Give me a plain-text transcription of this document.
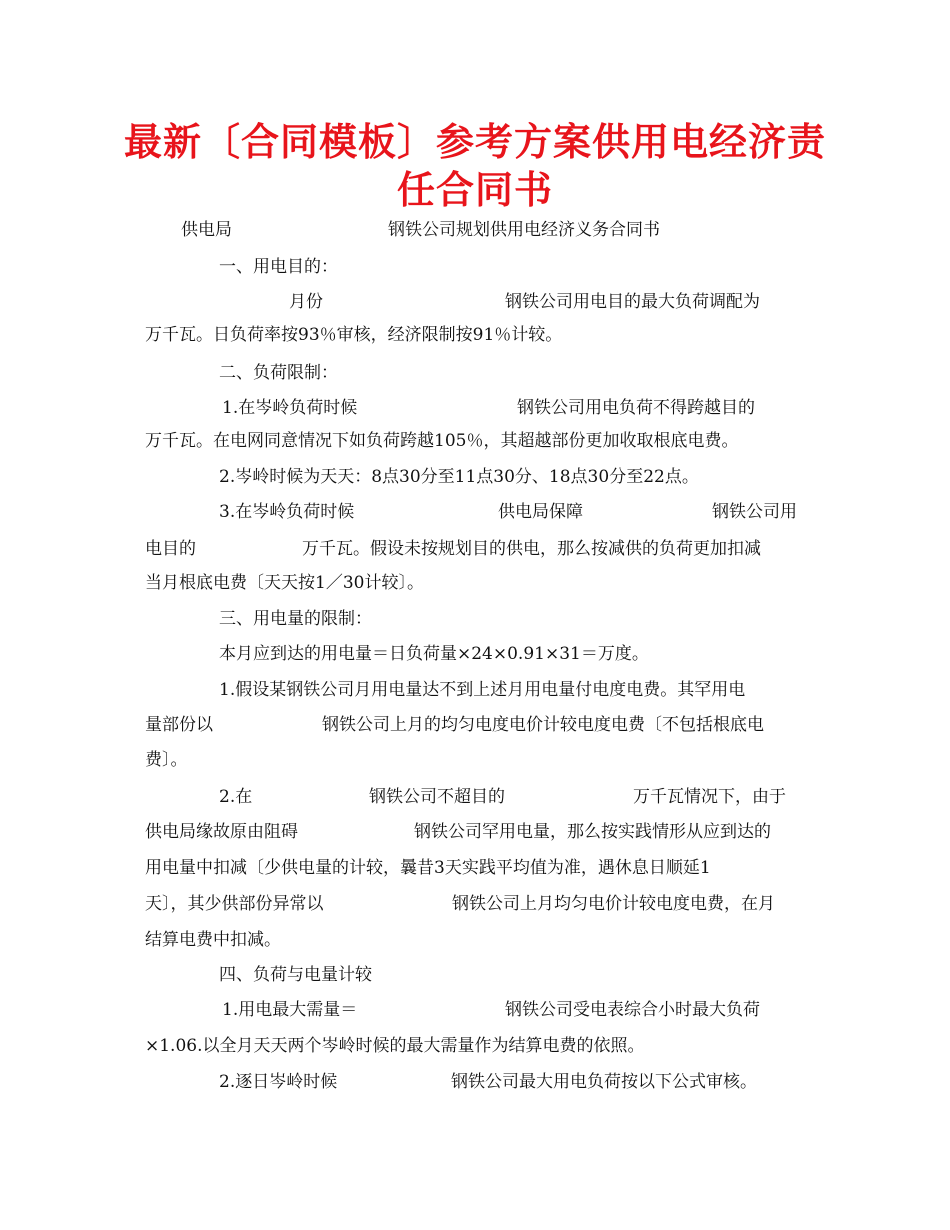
最新〔合同模板〕参考方案供用电经济责任合同书
供电局	钢铁公司规划供用电经济义务合同书
一、用电目的：
月份	钢铁公司用电目的最大负荷调配为
万千瓦。日负荷率按93％审核，经济限制按91％计较。
二、负荷限制：
1.在岑岭负荷时候	钢铁公司用电负荷不得跨越目的
万千瓦。在电网同意情况下如负荷跨越105％，其超越部份更加收取根底电费。
2.岑岭时候为天天：8点30分至11点30分、18点30分至22点。
3.在岑岭负荷时候	供电局保障	钢铁公司用
电目的	万千瓦。假设未按规划目的供电，那么按减供的负荷更加扣减
当月根底电费〔天天按1／30计较〕。
三、用电量的限制：
本月应到达的用电量＝日负荷量×24×0.91×31＝万度。
1.假设某钢铁公司月用电量达不到上述月用电量付电度电费。其罕用电
量部份以	钢铁公司上月的均匀电度电价计较电度电费〔不包括根底电
费〕。
2.在	钢铁公司不超目的	万千瓦情况下，由于
供电局缘故原由阻碍	钢铁公司罕用电量，那么按实践情形从应到达的
用电量中扣减〔少供电量的计较，曩昔3天实践平均值为准，遇休息日顺延1
天〕，其少供部份异常以	钢铁公司上月均匀电价计较电度电费，在月
结算电费中扣减。
四、负荷与电量计较
1.用电最大需量＝	钢铁公司受电表综合小时最大负荷
×1.06.以全月天天两个岑岭时候的最大需量作为结算电费的依照。
2.逐日岑岭时候	钢铁公司最大用电负荷按以下公式审核。
